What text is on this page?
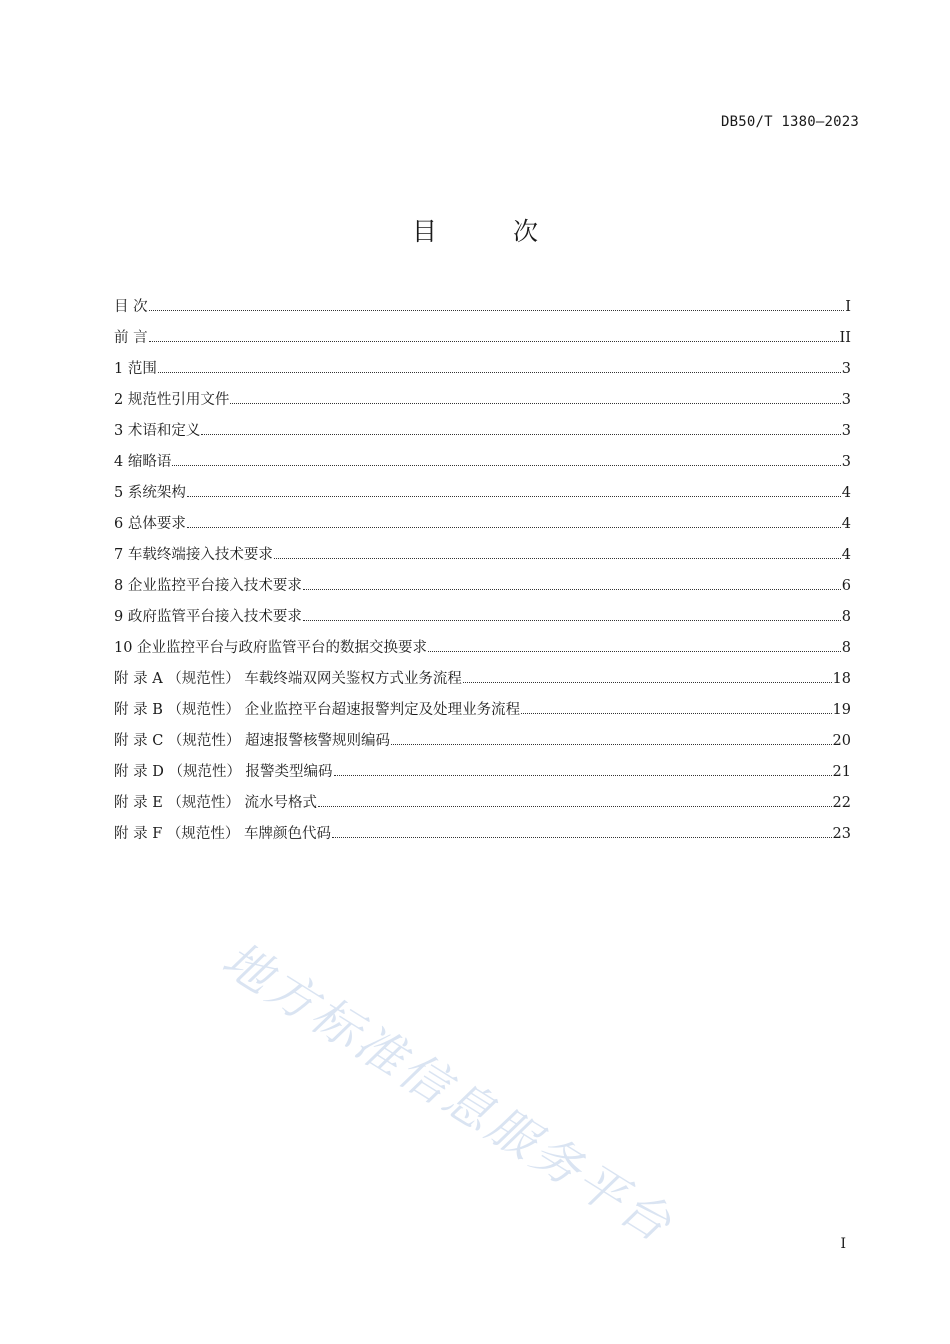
DB50/T 1380—2023
目 次
目 次	I
前 言	II
1 范围	3
2 规范性引用文件	3
3 术语和定义	3
4 缩略语	3
5 系统架构	4
6 总体要求	4
7 车载终端接入技术要求	4
8 企业监控平台接入技术要求	6
9 政府监管平台接入技术要求	8
10 企业监控平台与政府监管平台的数据交换要求	8
附 录 A （规范性） 车载终端双网关鉴权方式业务流程	18
附 录 B （规范性） 企业监控平台超速报警判定及处理业务流程	19
附 录 C （规范性） 超速报警核警规则编码	20
附 录 D （规范性） 报警类型编码	21
附 录 E （规范性） 流水号格式	22
附 录 F （规范性） 车牌颜色代码	23
地方标准信息服务平台	I
